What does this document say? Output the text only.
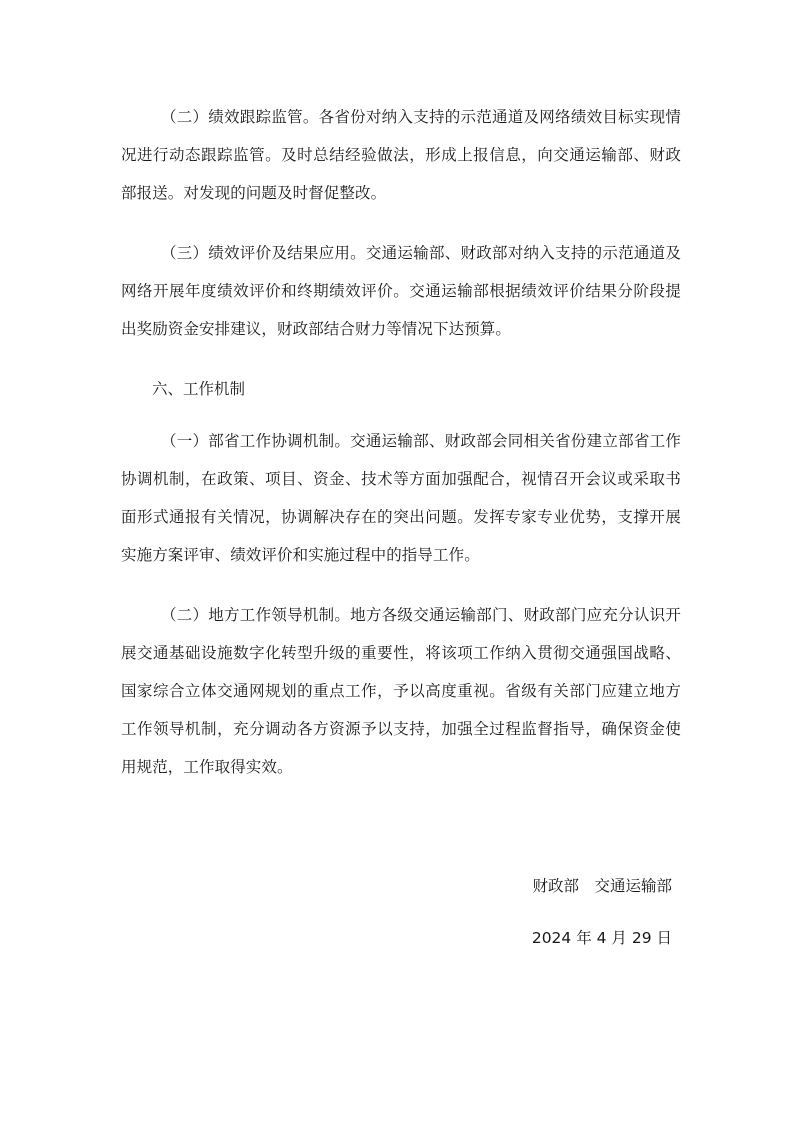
（二）绩效跟踪监管。各省份对纳入支持的示范通道及网络绩效目标实现情况进行动态跟踪监管。及时总结经验做法，形成上报信息，向交通运输部、财政部报送。对发现的问题及时督促整改。

（三）绩效评价及结果应用。交通运输部、财政部对纳入支持的示范通道及网络开展年度绩效评价和终期绩效评价。交通运输部根据绩效评价结果分阶段提出奖励资金安排建议，财政部结合财力等情况下达预算。

六、工作机制

（一）部省工作协调机制。交通运输部、财政部会同相关省份建立部省工作协调机制，在政策、项目、资金、技术等方面加强配合，视情召开会议或采取书面形式通报有关情况，协调解决存在的突出问题。发挥专家专业优势，支撑开展实施方案评审、绩效评价和实施过程中的指导工作。

（二）地方工作领导机制。地方各级交通运输部门、财政部门应充分认识开展交通基础设施数字化转型升级的重要性，将该项工作纳入贯彻交通强国战略、国家综合立体交通网规划的重点工作，予以高度重视。省级有关部门应建立地方工作领导机制，充分调动各方资源予以支持，加强全过程监督指导，确保资金使用规范，工作取得实效。

财政部　交通运输部
2024 年 4 月 29 日
